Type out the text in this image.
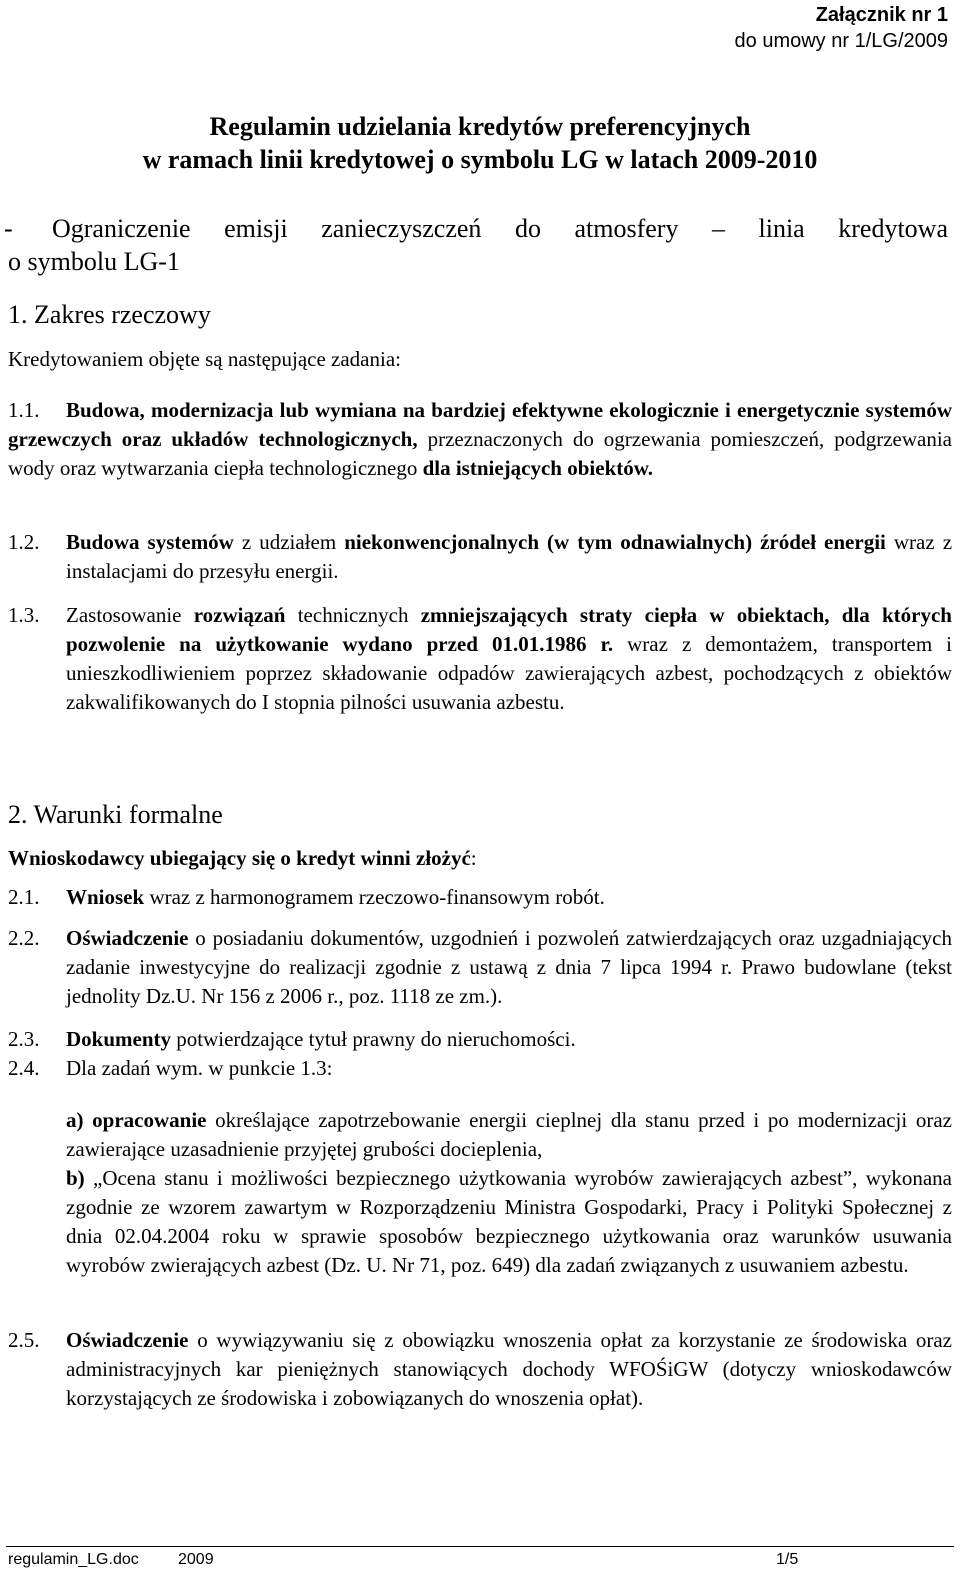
Załącznik nr 1
do umowy nr 1/LG/2009
Regulamin udzielania kredytów preferencyjnych
w ramach linii kredytowej o symbolu LG w latach 2009-2010
- Ograniczenie emisji zanieczyszczeń do atmosfery – linia kredytowa
o symbolu LG-1
1. Zakres rzeczowy
Kredytowaniem objęte są następujące zadania:
1.1.	Budowa, modernizacja lub wymiana na bardziej efektywne ekologicznie i energetycznie systemów grzewczych oraz układów technologicznych, przeznaczonych do ogrzewania pomieszczeń, podgrzewania wody oraz wytwarzania ciepła technologicznego dla istniejących obiektów.
1.2. Budowa systemów z udziałem niekonwencjonalnych (w tym odnawialnych) źródeł energii wraz z instalacjami do przesyłu energii.
1.3. Zastosowanie rozwiązań technicznych zmniejszających straty ciepła w obiektach, dla których pozwolenie na użytkowanie wydano przed 01.01.1986 r. wraz z demontażem, transportem i unieszkodliwieniem poprzez składowanie odpadów zawierających azbest, pochodzących z obiektów zakwalifikowanych do I stopnia pilności usuwania azbestu.
2. Warunki formalne
Wnioskodawcy ubiegający się o kredyt winni złożyć:
2.1. Wniosek wraz z harmonogramem rzeczowo-finansowym robót.
2.2. Oświadczenie o posiadaniu dokumentów, uzgodnień i pozwoleń zatwierdzających oraz uzgadniających zadanie inwestycyjne do realizacji zgodnie z ustawą z dnia 7 lipca 1994 r. Prawo budowlane (tekst jednolity Dz.U. Nr 156 z 2006 r., poz. 1118 ze zm.).
2.3. Dokumenty potwierdzające tytuł prawny do nieruchomości.
2.4. Dla zadań wym. w punkcie 1.3:
a) opracowanie określające zapotrzebowanie energii cieplnej dla stanu przed i po modernizacji oraz zawierające uzasadnienie przyjętej grubości docieplenia,
b) „Ocena stanu i możliwości bezpiecznego użytkowania wyrobów zawierających azbest”, wykonana zgodnie ze wzorem zawartym w Rozporządzeniu Ministra Gospodarki, Pracy i Polityki Społecznej z dnia 02.04.2004 roku w sprawie sposobów bezpiecznego użytkowania oraz warunków usuwania wyrobów zwierających azbest (Dz. U. Nr 71, poz. 649) dla zadań związanych z usuwaniem azbestu.
2.5. Oświadczenie o wywiązywaniu się z obowiązku wnoszenia opłat za korzystanie ze środowiska oraz administracyjnych kar pieniężnych stanowiących dochody WFOŚiGW (dotyczy wnioskodawców korzystających ze środowiska i zobowiązanych do wnoszenia opłat).
regulamin_LG.doc 2009	1/5
